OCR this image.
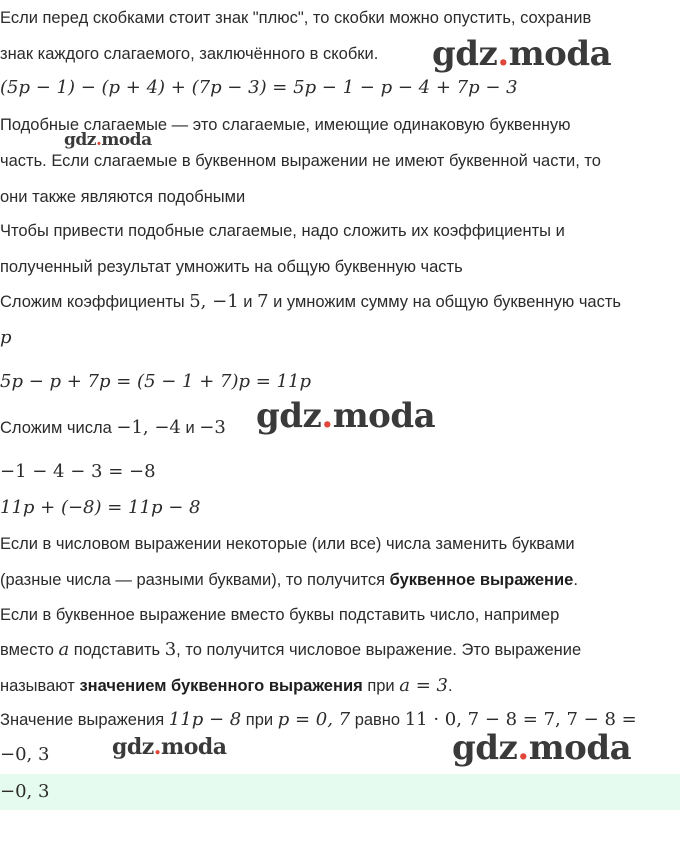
Если перед скобками стоит знак "плюс", то скобки можно опустить, сохранив
знак каждого слагаемого, заключённого в скобки.
(5p − 1) − (p + 4) + (7p − 3) = 5p − 1 − p − 4 + 7p − 3
Подобные слагаемые — это слагаемые, имеющие одинаковую буквенную
часть. Если слагаемые в буквенном выражении не имеют буквенной части, то
они также являются подобными
Чтобы привести подобные слагаемые, надо сложить их коэффициенты и
полученный результат умножить на общую буквенную часть
Сложим коэффициенты 5, −1 и 7 и умножим сумму на общую буквенную часть
p
5p − p + 7p = (5 − 1 + 7)p = 11p
Сложим числа −1, −4 и −3
−1 − 4 − 3 = −8
11p + (−8) = 11p − 8
Если в числовом выражении некоторые (или все) числа заменить буквами
(разные числа — разными буквами), то получится буквенное выражение.
Если в буквенное выражение вместо буквы подставить число, например
вместо a подставить 3, то получится числовое выражение. Это выражение
называют значением буквенного выражения при a = 3.
Значение выражения 11p − 8 при p = 0, 7 равно 11 · 0, 7 − 8 = 7, 7 − 8 =
−0, 3
−0, 3
gdz.moda
gdz.moda
gdz.moda
gdz.moda	gdz.moda
